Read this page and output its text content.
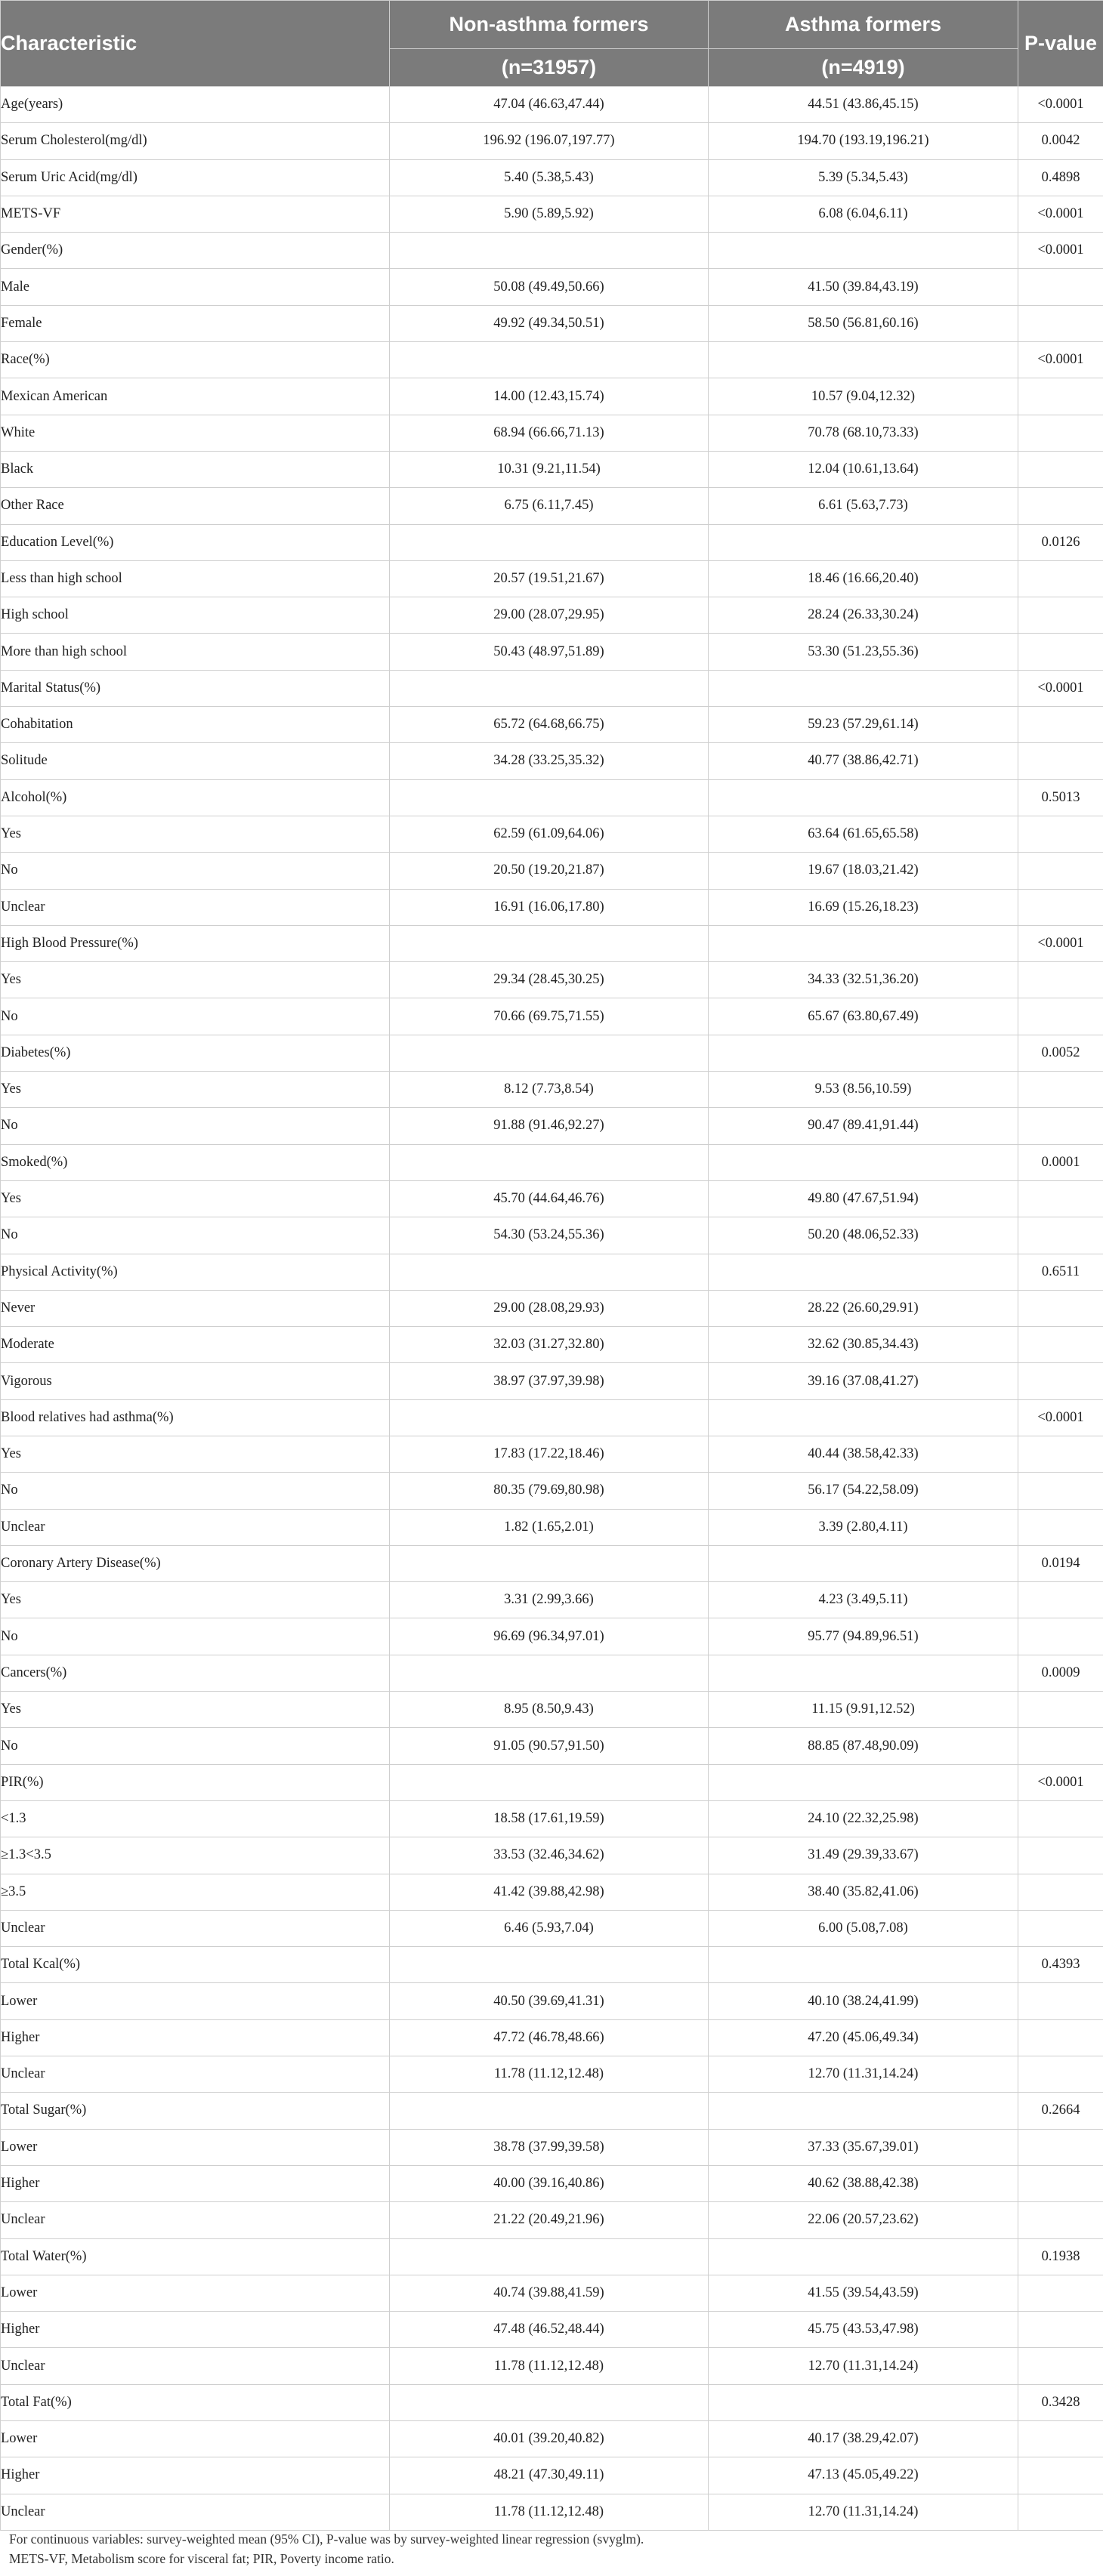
Characteristic	Non-asthma formers	Asthma formers	P-value
	(n=31957)	(n=4919)	
Age(years)	47.04 (46.63,47.44)	44.51 (43.86,45.15)	<0.0001
Serum Cholesterol(mg/dl)	196.92 (196.07,197.77)	194.70 (193.19,196.21)	0.0042
Serum Uric Acid(mg/dl)	5.40 (5.38,5.43)	5.39 (5.34,5.43)	0.4898
METS-VF	5.90 (5.89,5.92)	6.08 (6.04,6.11)	<0.0001
Gender(%)			<0.0001
Male	50.08 (49.49,50.66)	41.50 (39.84,43.19)	
Female	49.92 (49.34,50.51)	58.50 (56.81,60.16)	
Race(%)			<0.0001
Mexican American	14.00 (12.43,15.74)	10.57 (9.04,12.32)	
White	68.94 (66.66,71.13)	70.78 (68.10,73.33)	
Black	10.31 (9.21,11.54)	12.04 (10.61,13.64)	
Other Race	6.75 (6.11,7.45)	6.61 (5.63,7.73)	
Education Level(%)			0.0126
Less than high school	20.57 (19.51,21.67)	18.46 (16.66,20.40)	
High school	29.00 (28.07,29.95)	28.24 (26.33,30.24)	
More than high school	50.43 (48.97,51.89)	53.30 (51.23,55.36)	
Marital Status(%)			<0.0001
Cohabitation	65.72 (64.68,66.75)	59.23 (57.29,61.14)	
Solitude	34.28 (33.25,35.32)	40.77 (38.86,42.71)	
Alcohol(%)			0.5013
Yes	62.59 (61.09,64.06)	63.64 (61.65,65.58)	
No	20.50 (19.20,21.87)	19.67 (18.03,21.42)	
Unclear	16.91 (16.06,17.80)	16.69 (15.26,18.23)	
High Blood Pressure(%)			<0.0001
Yes	29.34 (28.45,30.25)	34.33 (32.51,36.20)	
No	70.66 (69.75,71.55)	65.67 (63.80,67.49)	
Diabetes(%)			0.0052
Yes	8.12 (7.73,8.54)	9.53 (8.56,10.59)	
No	91.88 (91.46,92.27)	90.47 (89.41,91.44)	
Smoked(%)			0.0001
Yes	45.70 (44.64,46.76)	49.80 (47.67,51.94)	
No	54.30 (53.24,55.36)	50.20 (48.06,52.33)	
Physical Activity(%)			0.6511
Never	29.00 (28.08,29.93)	28.22 (26.60,29.91)	
Moderate	32.03 (31.27,32.80)	32.62 (30.85,34.43)	
Vigorous	38.97 (37.97,39.98)	39.16 (37.08,41.27)	
Blood relatives had asthma(%)			<0.0001
Yes	17.83 (17.22,18.46)	40.44 (38.58,42.33)	
No	80.35 (79.69,80.98)	56.17 (54.22,58.09)	
Unclear	1.82 (1.65,2.01)	3.39 (2.80,4.11)	
Coronary Artery Disease(%)			0.0194
Yes	3.31 (2.99,3.66)	4.23 (3.49,5.11)	
No	96.69 (96.34,97.01)	95.77 (94.89,96.51)	
Cancers(%)			0.0009
Yes	8.95 (8.50,9.43)	11.15 (9.91,12.52)	
No	91.05 (90.57,91.50)	88.85 (87.48,90.09)	
PIR(%)			<0.0001
<1.3	18.58 (17.61,19.59)	24.10 (22.32,25.98)	
≥1.3<3.5	33.53 (32.46,34.62)	31.49 (29.39,33.67)	
≥3.5	41.42 (39.88,42.98)	38.40 (35.82,41.06)	
Unclear	6.46 (5.93,7.04)	6.00 (5.08,7.08)	
Total Kcal(%)			0.4393
Lower	40.50 (39.69,41.31)	40.10 (38.24,41.99)	
Higher	47.72 (46.78,48.66)	47.20 (45.06,49.34)	
Unclear	11.78 (11.12,12.48)	12.70 (11.31,14.24)	
Total Sugar(%)			0.2664
Lower	38.78 (37.99,39.58)	37.33 (35.67,39.01)	
Higher	40.00 (39.16,40.86)	40.62 (38.88,42.38)	
Unclear	21.22 (20.49,21.96)	22.06 (20.57,23.62)	
Total Water(%)			0.1938
Lower	40.74 (39.88,41.59)	41.55 (39.54,43.59)	
Higher	47.48 (46.52,48.44)	45.75 (43.53,47.98)	
Unclear	11.78 (11.12,12.48)	12.70 (11.31,14.24)	
Total Fat(%)			0.3428
Lower	40.01 (39.20,40.82)	40.17 (38.29,42.07)	
Higher	48.21 (47.30,49.11)	47.13 (45.05,49.22)	
Unclear	11.78 (11.12,12.48)	12.70 (11.31,14.24)	
For continuous variables: survey-weighted mean (95% CI), P-value was by survey-weighted linear regression (svyglm).
METS-VF, Metabolism score for visceral fat; PIR, Poverty income ratio.
